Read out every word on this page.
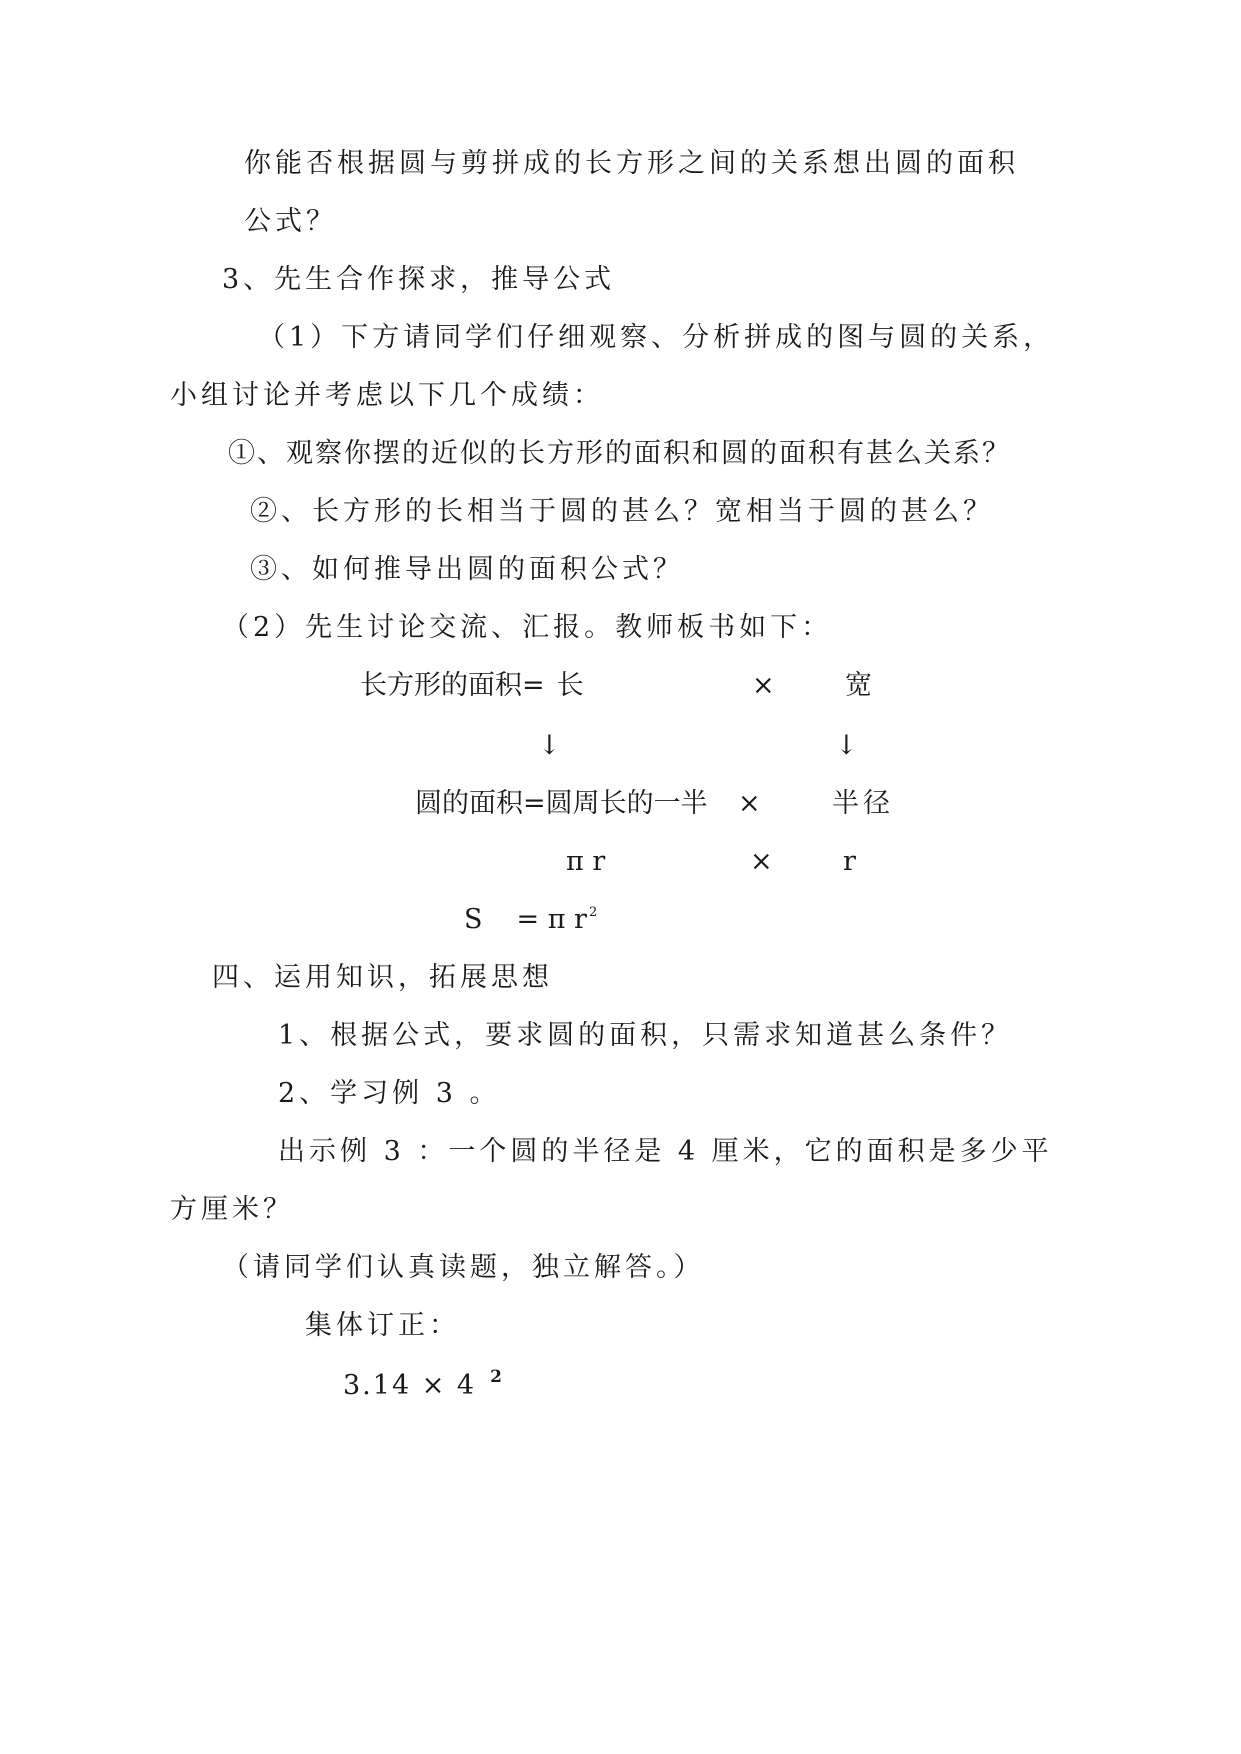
你能否根据圆与剪拼成的长方形之间的关系想出圆的面积
公式？
3、先生合作探求，推导公式
（1）下方请同学们仔细观察、分析拼成的图与圆的关系，
小组讨论并考虑以下几个成绩：
①、观察你摆的近似的长方形的面积和圆的面积有甚么关系？
②、长方形的长相当于圆的甚么？宽相当于圆的甚么？
③、如何推导出圆的面积公式？
（2）先生讨论交流、汇报。教师板书如下：
长方形的面积= 长	×	宽
↓	↓
圆的面积=圆周长的一半 ×	半径
π r	×	r
S = π r $^2$
四、运用知识，拓展思想
1、根据公式，要求圆的面积，只需求知道甚么条件？
2、学习例 3 。
出示例 3 ：一个圆的半径是 4 厘米，它的面积是多少平
方厘米？
（请同学们认真读题，独立解答。）
集体订正：
3.14 × 4 $^2$
